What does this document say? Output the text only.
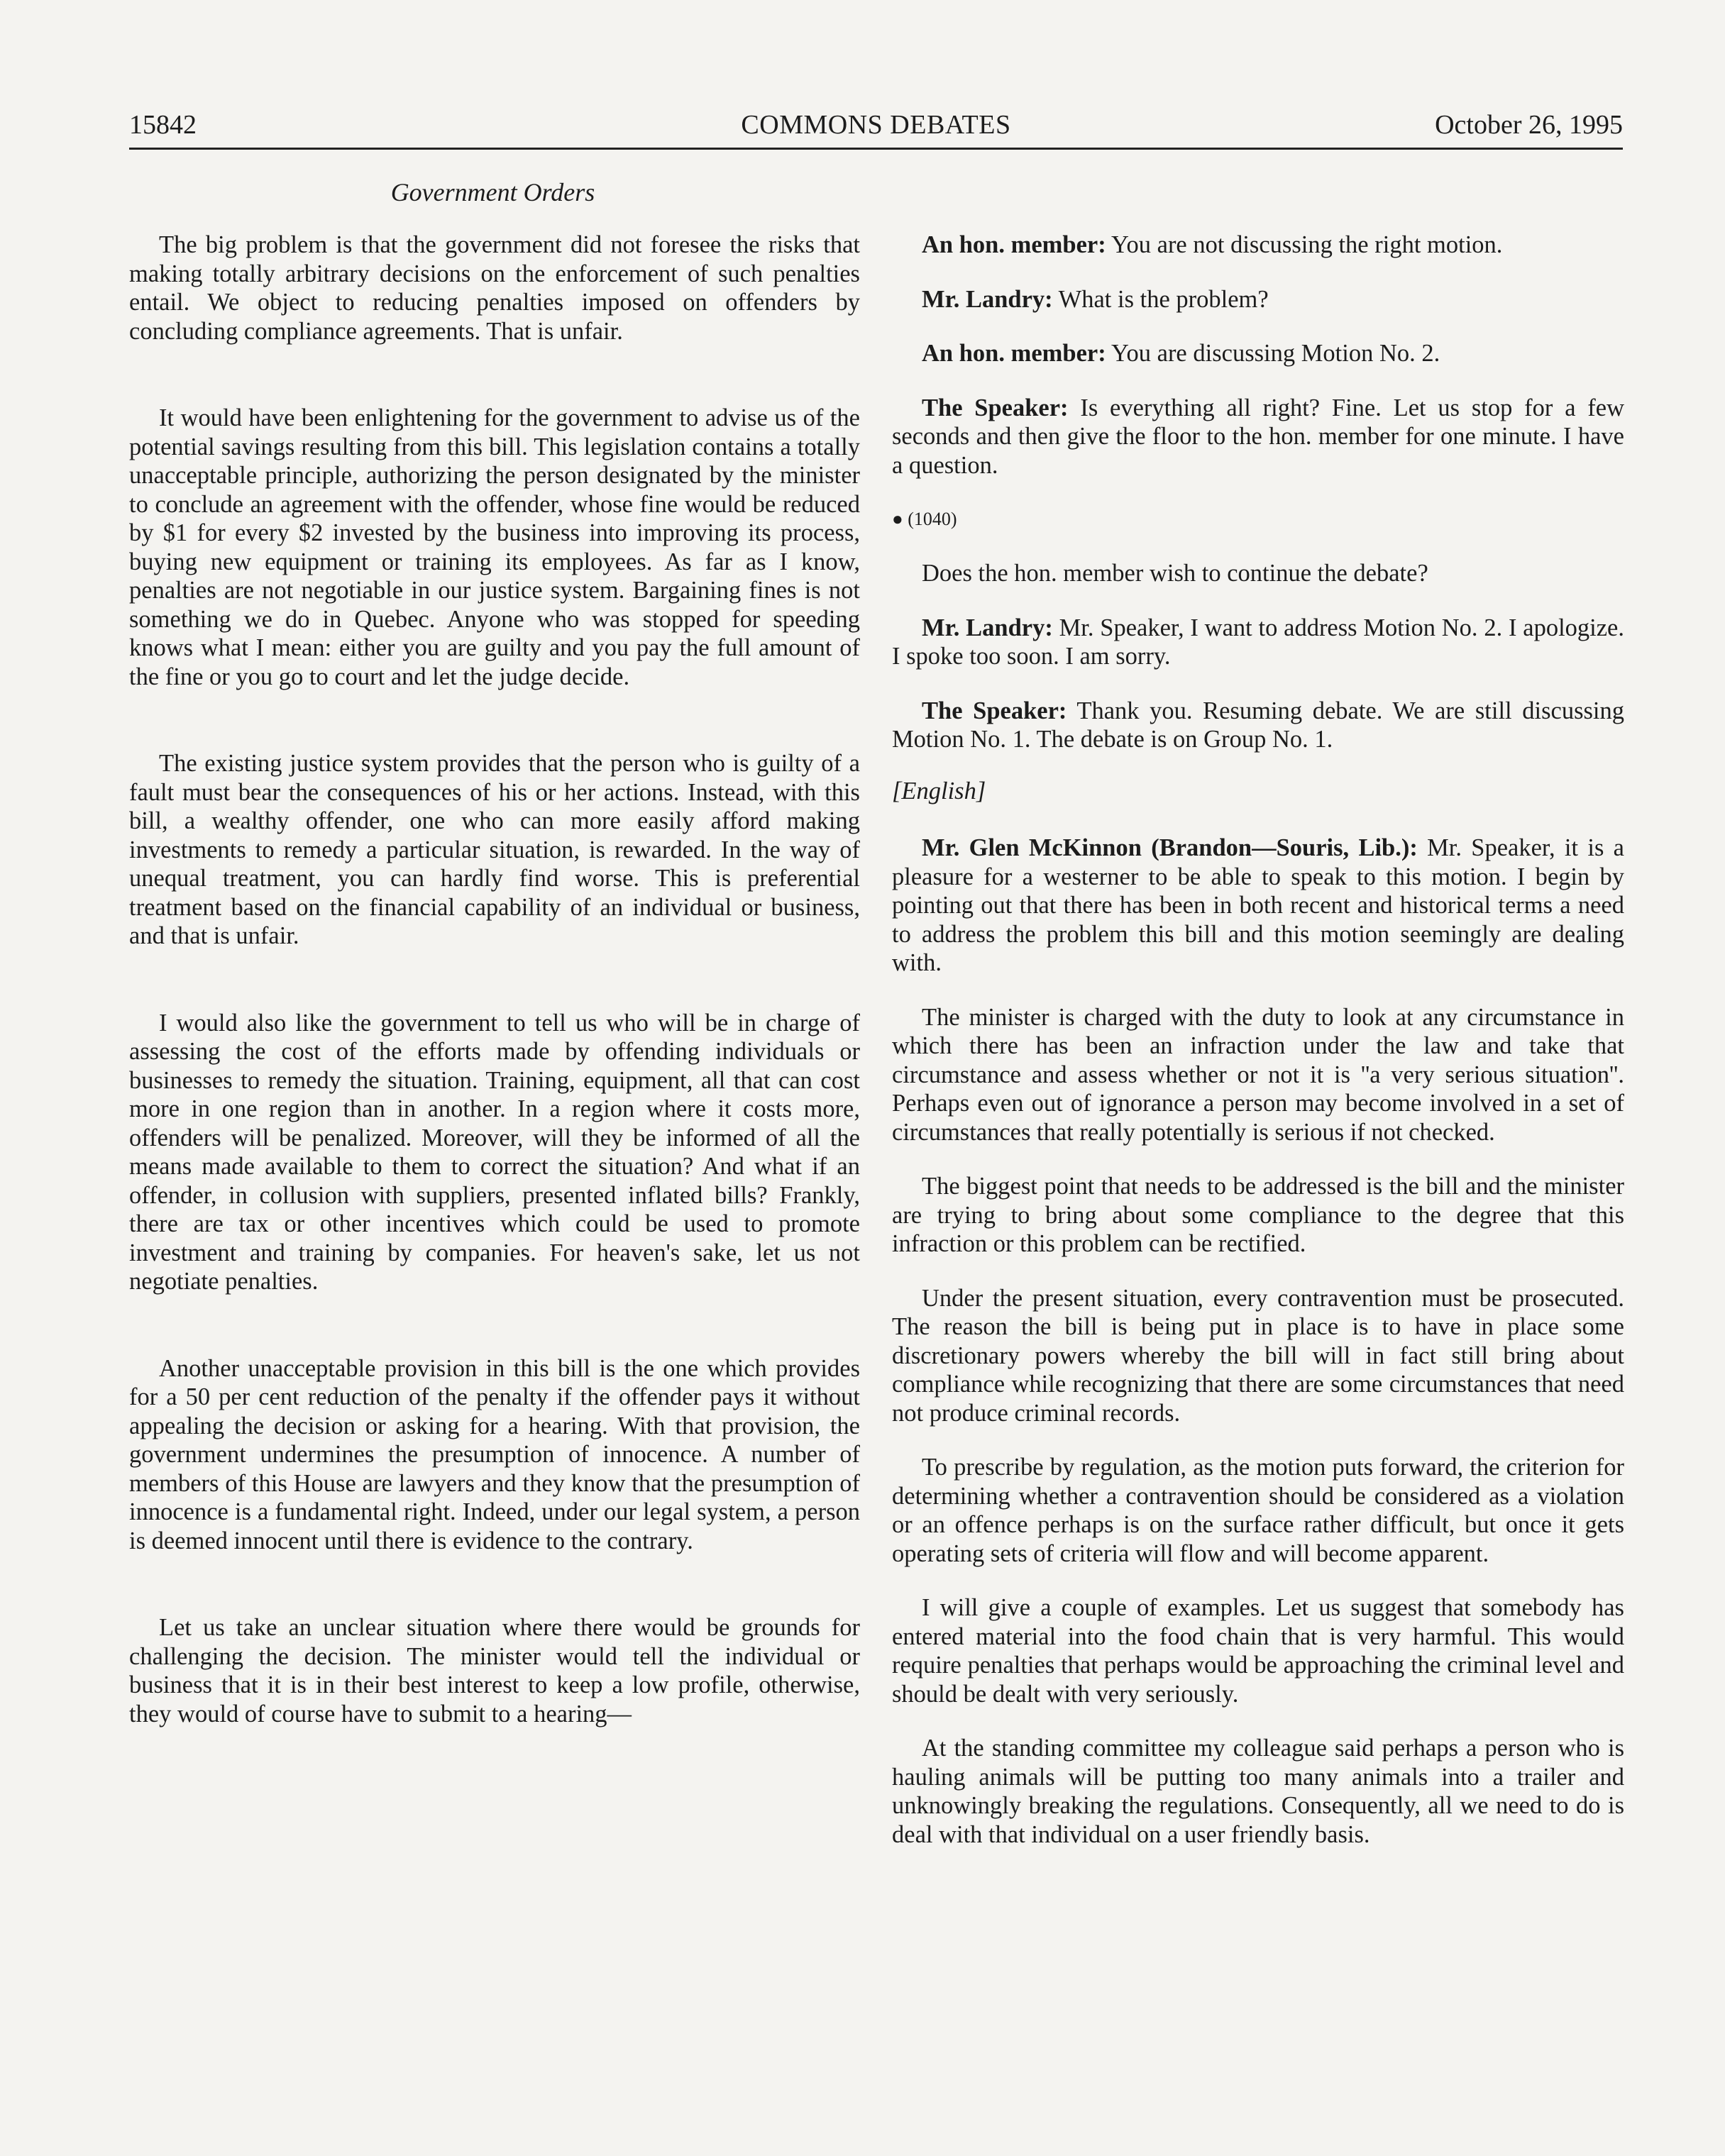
15842	COMMONS DEBATES	October 26, 1995
Government Orders

The big problem is that the government did not foresee the risks that making totally arbitrary decisions on the enforcement of such penalties entail. We object to reducing penalties imposed on offenders by concluding compliance agreements. That is unfair.

It would have been enlightening for the government to advise us of the potential savings resulting from this bill. This legislation contains a totally unacceptable principle, authorizing the person designated by the minister to conclude an agreement with the offender, whose fine would be reduced by $1 for every $2 invested by the business into improving its process, buying new equipment or training its employees. As far as I know, penalties are not negotiable in our justice system. Bargaining fines is not something we do in Quebec. Anyone who was stopped for speeding knows what I mean: either you are guilty and you pay the full amount of the fine or you go to court and let the judge decide.

The existing justice system provides that the person who is guilty of a fault must bear the consequences of his or her actions. Instead, with this bill, a wealthy offender, one who can more easily afford making investments to remedy a particular situation, is rewarded. In the way of unequal treatment, you can hardly find worse. This is preferential treatment based on the financial capability of an individual or business, and that is unfair.

I would also like the government to tell us who will be in charge of assessing the cost of the efforts made by offending individuals or businesses to remedy the situation. Training, equipment, all that can cost more in one region than in another. In a region where it costs more, offenders will be penalized. Moreover, will they be informed of all the means made available to them to correct the situation? And what if an offender, in collusion with suppliers, presented inflated bills? Frankly, there are tax or other incentives which could be used to promote investment and training by companies. For heaven's sake, let us not negotiate penalties.

Another unacceptable provision in this bill is the one which provides for a 50 per cent reduction of the penalty if the offender pays it without appealing the decision or asking for a hearing. With that provision, the government undermines the presumption of innocence. A number of members of this House are lawyers and they know that the presumption of innocence is a fundamental right. Indeed, under our legal system, a person is deemed innocent until there is evidence to the contrary.

Let us take an unclear situation where there would be grounds for challenging the decision. The minister would tell the individual or business that it is in their best interest to keep a low profile, otherwise, they would of course have to submit to a hearing—

An hon. member: You are not discussing the right motion.

Mr. Landry: What is the problem?

An hon. member: You are discussing Motion No. 2.

The Speaker: Is everything all right? Fine. Let us stop for a few seconds and then give the floor to the hon. member for one minute. I have a question.

● (1040)

Does the hon. member wish to continue the debate?

Mr. Landry: Mr. Speaker, I want to address Motion No. 2. I apologize. I spoke too soon. I am sorry.

The Speaker: Thank you. Resuming debate. We are still discussing Motion No. 1. The debate is on Group No. 1.

[English]

Mr. Glen McKinnon (Brandon—Souris, Lib.): Mr. Speaker, it is a pleasure for a westerner to be able to speak to this motion. I begin by pointing out that there has been in both recent and historical terms a need to address the problem this bill and this motion seemingly are dealing with.

The minister is charged with the duty to look at any circumstance in which there has been an infraction under the law and take that circumstance and assess whether or not it is ''a very serious situation''. Perhaps even out of ignorance a person may become involved in a set of circumstances that really potentially is serious if not checked.

The biggest point that needs to be addressed is the bill and the minister are trying to bring about some compliance to the degree that this infraction or this problem can be rectified.

Under the present situation, every contravention must be prosecuted. The reason the bill is being put in place is to have in place some discretionary powers whereby the bill will in fact still bring about compliance while recognizing that there are some circumstances that need not produce criminal records.

To prescribe by regulation, as the motion puts forward, the criterion for determining whether a contravention should be considered as a violation or an offence perhaps is on the surface rather difficult, but once it gets operating sets of criteria will flow and will become apparent.

I will give a couple of examples. Let us suggest that somebody has entered material into the food chain that is very harmful. This would require penalties that perhaps would be approaching the criminal level and should be dealt with very seriously.

At the standing committee my colleague said perhaps a person who is hauling animals will be putting too many animals into a trailer and unknowingly breaking the regulations. Consequently, all we need to do is deal with that individual on a user friendly basis.
